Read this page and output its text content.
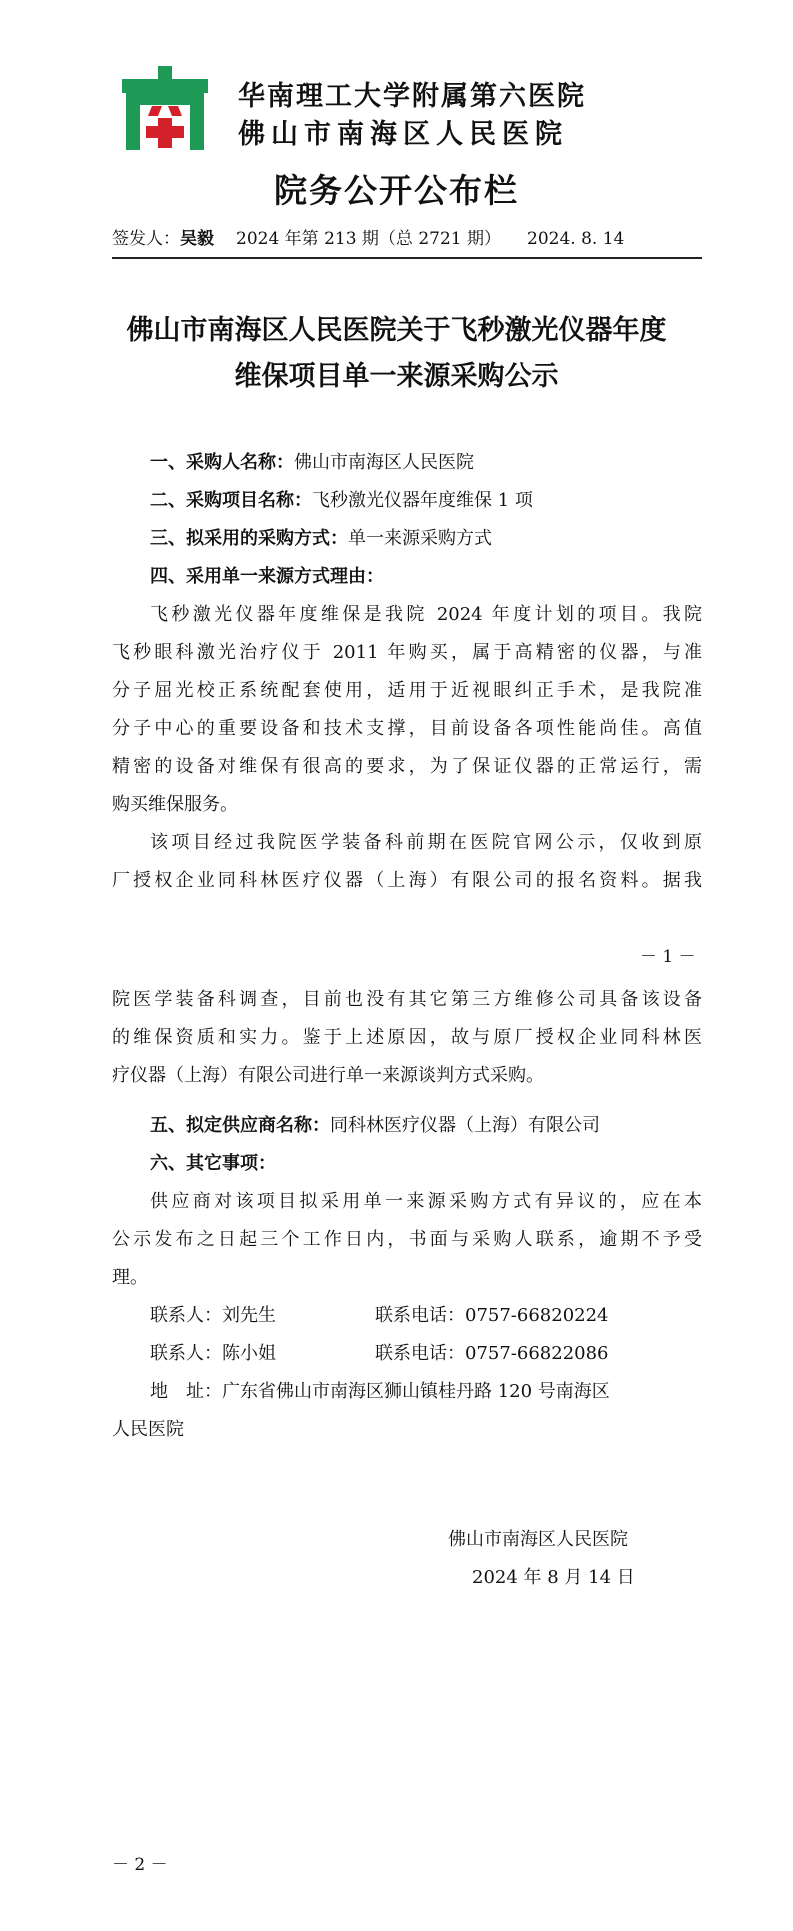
华南理工大学附属第六医院
佛山市南海区人民医院
院务公开公布栏
签发人：吴毅 2024 年第 213 期（总 2721 期） 2024. 8. 14
佛山市南海区人民医院关于飞秒激光仪器年度
维保项目单一来源采购公示
一、采购人名称：佛山市南海区人民医院
二、采购项目名称：飞秒激光仪器年度维保 1 项
三、拟采用的采购方式：单一来源采购方式
四、采用单一来源方式理由：
飞秒激光仪器年度维保是我院 2024 年度计划的项目。我院
飞秒眼科激光治疗仪于 2011 年购买，属于高精密的仪器，与准
分子屈光校正系统配套使用，适用于近视眼纠正手术，是我院准
分子中心的重要设备和技术支撑，目前设备各项性能尚佳。高值
精密的设备对维保有很高的要求，为了保证仪器的正常运行，需
购买维保服务。
该项目经过我院医学装备科前期在医院官网公示，仅收到原
厂授权企业同科林医疗仪器（上海）有限公司的报名资料。据我
－ 1 －
院医学装备科调查，目前也没有其它第三方维修公司具备该设备
的维保资质和实力。鉴于上述原因，故与原厂授权企业同科林医
疗仪器（上海）有限公司进行单一来源谈判方式采购。
五、拟定供应商名称：同科林医疗仪器（上海）有限公司
六、其它事项：
供应商对该项目拟采用单一来源采购方式有异议的，应在本
公示发布之日起三个工作日内，书面与采购人联系，逾期不予受
理。
联系人：刘先生	联系电话：0757-66820224
联系人：陈小姐	联系电话：0757-66822086
地　址：广东省佛山市南海区狮山镇桂丹路 120 号南海区
人民医院
佛山市南海区人民医院
2024 年 8 月 14 日
－ 2 －
